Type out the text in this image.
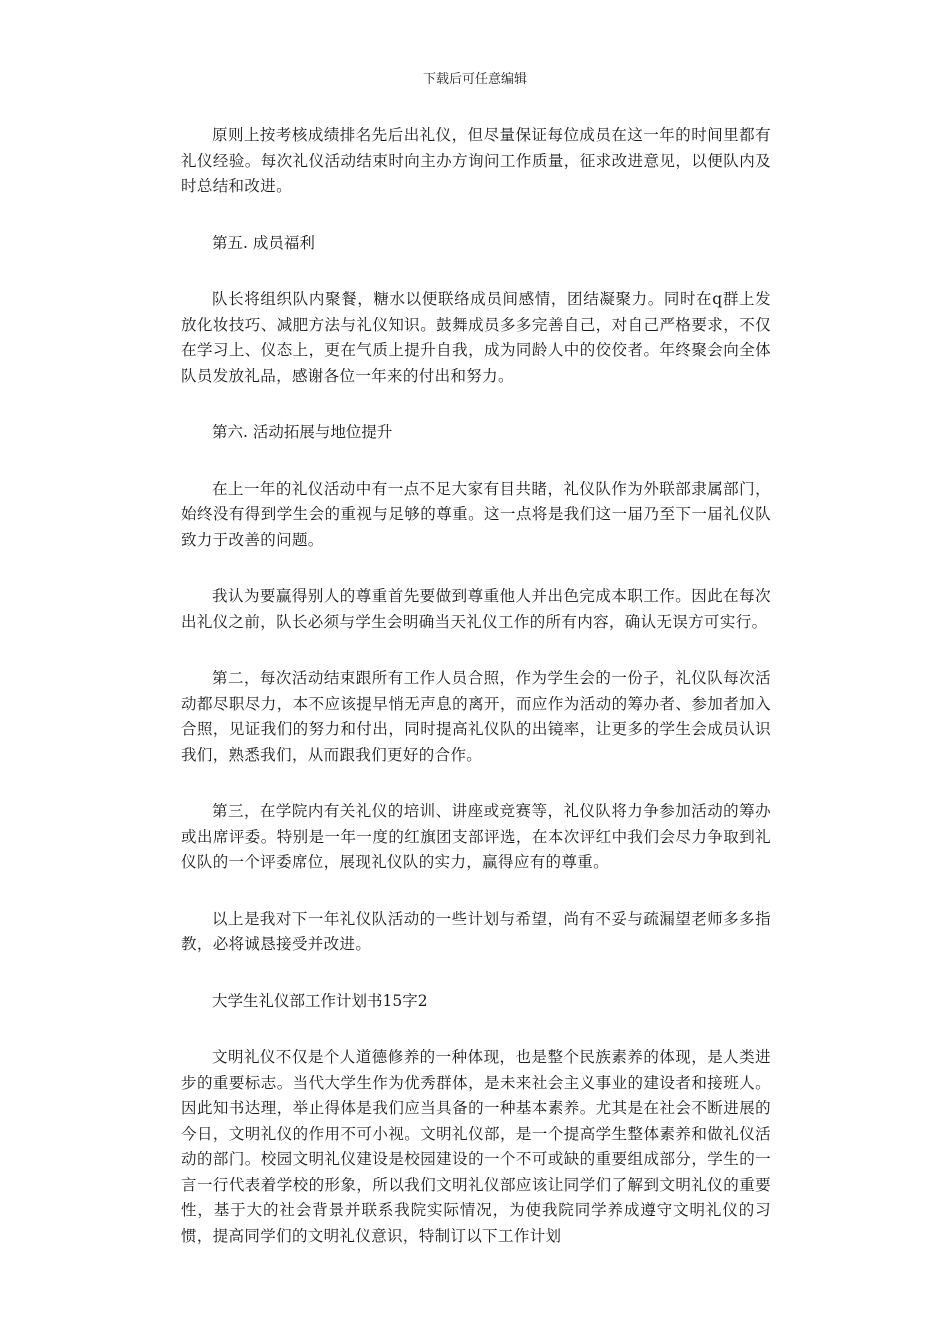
下载后可任意编辑

原则上按考核成绩排名先后出礼仪，但尽量保证每位成员在这一年的时间里都有礼仪经验。每次礼仪活动结束时向主办方询问工作质量，征求改进意见，以便队内及时总结和改进。

第五. 成员福利

队长将组织队内聚餐，糖水以便联络成员间感情，团结凝聚力。同时在q群上发放化妆技巧、减肥方法与礼仪知识。鼓舞成员多多完善自己，对自己严格要求，不仅在学习上、仪态上，更在气质上提升自我，成为同龄人中的佼佼者。年终聚会向全体队员发放礼品，感谢各位一年来的付出和努力。

第六. 活动拓展与地位提升

在上一年的礼仪活动中有一点不足大家有目共睹，礼仪队作为外联部隶属部门，始终没有得到学生会的重视与足够的尊重。这一点将是我们这一届乃至下一届礼仪队致力于改善的问题。

我认为要赢得别人的尊重首先要做到尊重他人并出色完成本职工作。因此在每次出礼仪之前，队长必须与学生会明确当天礼仪工作的所有内容，确认无误方可实行。

第二，每次活动结束跟所有工作人员合照，作为学生会的一份子，礼仪队每次活动都尽职尽力，本不应该提早悄无声息的离开，而应作为活动的筹办者、参加者加入合照，见证我们的努力和付出，同时提高礼仪队的出镜率，让更多的学生会成员认识我们，熟悉我们，从而跟我们更好的合作。

第三，在学院内有关礼仪的培训、讲座或竞赛等，礼仪队将力争参加活动的筹办或出席评委。特别是一年一度的红旗团支部评选，在本次评红中我们会尽力争取到礼仪队的一个评委席位，展现礼仪队的实力，赢得应有的尊重。

以上是我对下一年礼仪队活动的一些计划与希望，尚有不妥与疏漏望老师多多指教，必将诚恳接受并改进。

大学生礼仪部工作计划书15字2

文明礼仪不仅是个人道德修养的一种体现，也是整个民族素养的体现，是人类进步的重要标志。当代大学生作为优秀群体，是未来社会主义事业的建设者和接班人。因此知书达理，举止得体是我们应当具备的一种基本素养。尤其是在社会不断进展的今日，文明礼仪的作用不可小视。文明礼仪部，是一个提高学生整体素养和做礼仪活动的部门。校园文明礼仪建设是校园建设的一个不可或缺的重要组成部分，学生的一言一行代表着学校的形象，所以我们文明礼仪部应该让同学们了解到文明礼仪的重要性，基于大的社会背景并联系我院实际情况，为使我院同学养成遵守文明礼仪的习惯，提高同学们的文明礼仪意识，特制订以下工作计划
